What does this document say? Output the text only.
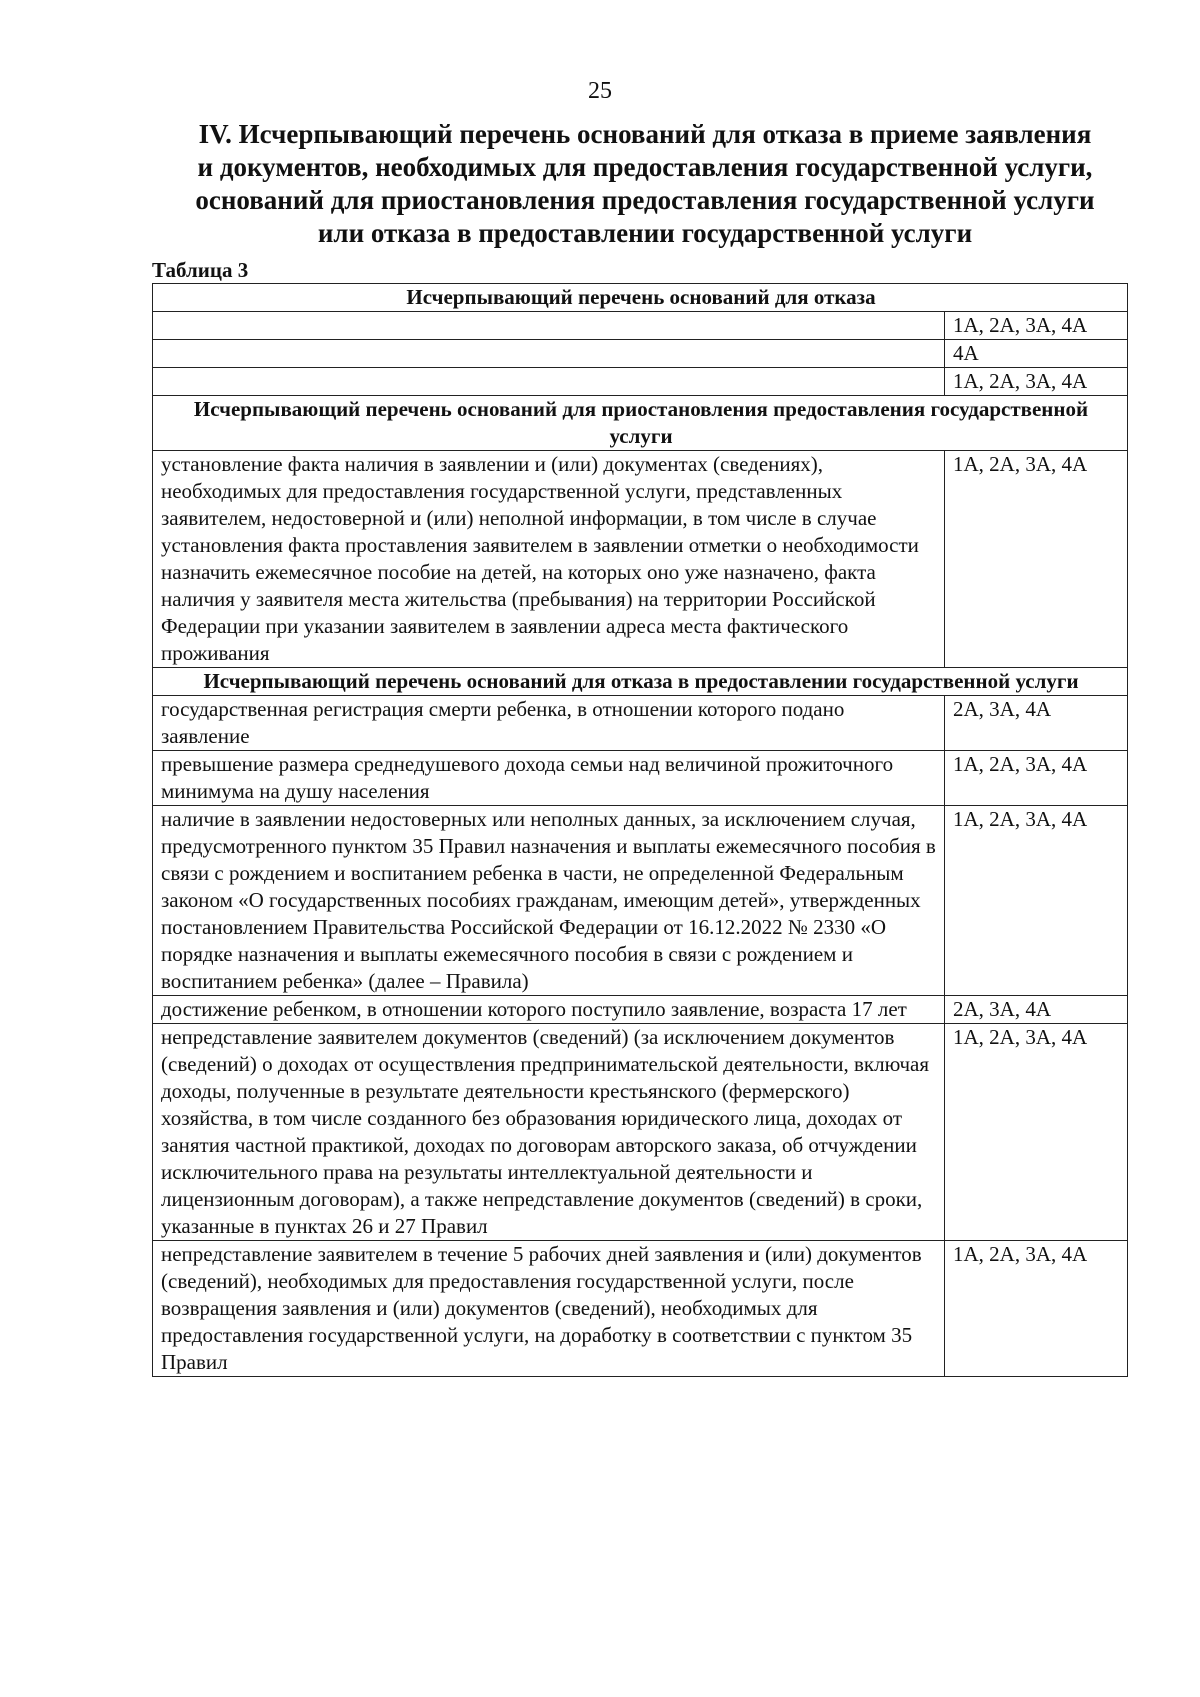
25
IV. Исчерпывающий перечень оснований для отказа в приеме заявления
и документов, необходимых для предоставления государственной услуги,
оснований для приостановления предоставления государственной услуги
или отказа в предоставлении государственной услуги
Таблица 3
Исчерпывающий перечень оснований для отказа	
	1А, 2А, 3А, 4А
	4А
	1А, 2А, 3А, 4А
Исчерпывающий перечень оснований для приостановления предоставления государственной услуги	
установление факта наличия в заявлении и (или) документах (сведениях), необходимых для предоставления государственной услуги, представленных заявителем, недостоверной и (или) неполной информации, в том числе в случае установления факта проставления заявителем в заявлении отметки о необходимости назначить ежемесячное пособие на детей, на которых оно уже назначено, факта наличия у заявителя места жительства (пребывания) на территории Российской Федерации при указании заявителем в заявлении адреса места фактического проживания	1А, 2А, 3А, 4А
Исчерпывающий перечень оснований для отказа в предоставлении государственной услуги	
государственная регистрация смерти ребенка, в отношении которого подано заявление	2А, 3А, 4А
превышение размера среднедушевого дохода семьи над величиной прожиточного минимума на душу населения	1А, 2А, 3А, 4А
наличие в заявлении недостоверных или неполных данных, за исключением случая, предусмотренного пунктом 35 Правил назначения и выплаты ежемесячного пособия в связи с рождением и воспитанием ребенка в части, не определенной Федеральным законом «О государственных пособиях гражданам, имеющим детей», утвержденных постановлением Правительства Российской Федерации от 16.12.2022 № 2330 «О порядке назначения и выплаты ежемесячного пособия в связи с рождением и воспитанием ребенка» (далее – Правила)	1А, 2А, 3А, 4А
достижение ребенком, в отношении которого поступило заявление, возраста 17 лет	2А, 3А, 4А
непредставление заявителем документов (сведений) (за исключением документов (сведений) о доходах от осуществления предпринимательской деятельности, включая доходы, полученные в результате деятельности крестьянского (фермерского) хозяйства, в том числе созданного без образования юридического лица, доходах от занятия частной практикой, доходах по договорам авторского заказа, об отчуждении исключительного права на результаты интеллектуальной деятельности и лицензионным договорам), а также непредставление документов (сведений) в сроки, указанные в пунктах 26 и 27 Правил	1А, 2А, 3А, 4А
непредставление заявителем в течение 5 рабочих дней заявления и (или) документов (сведений), необходимых для предоставления государственной услуги, после возвращения заявления и (или) документов (сведений), необходимых для предоставления государственной услуги, на доработку в соответствии с пунктом 35 Правил	1А, 2А, 3А, 4А
